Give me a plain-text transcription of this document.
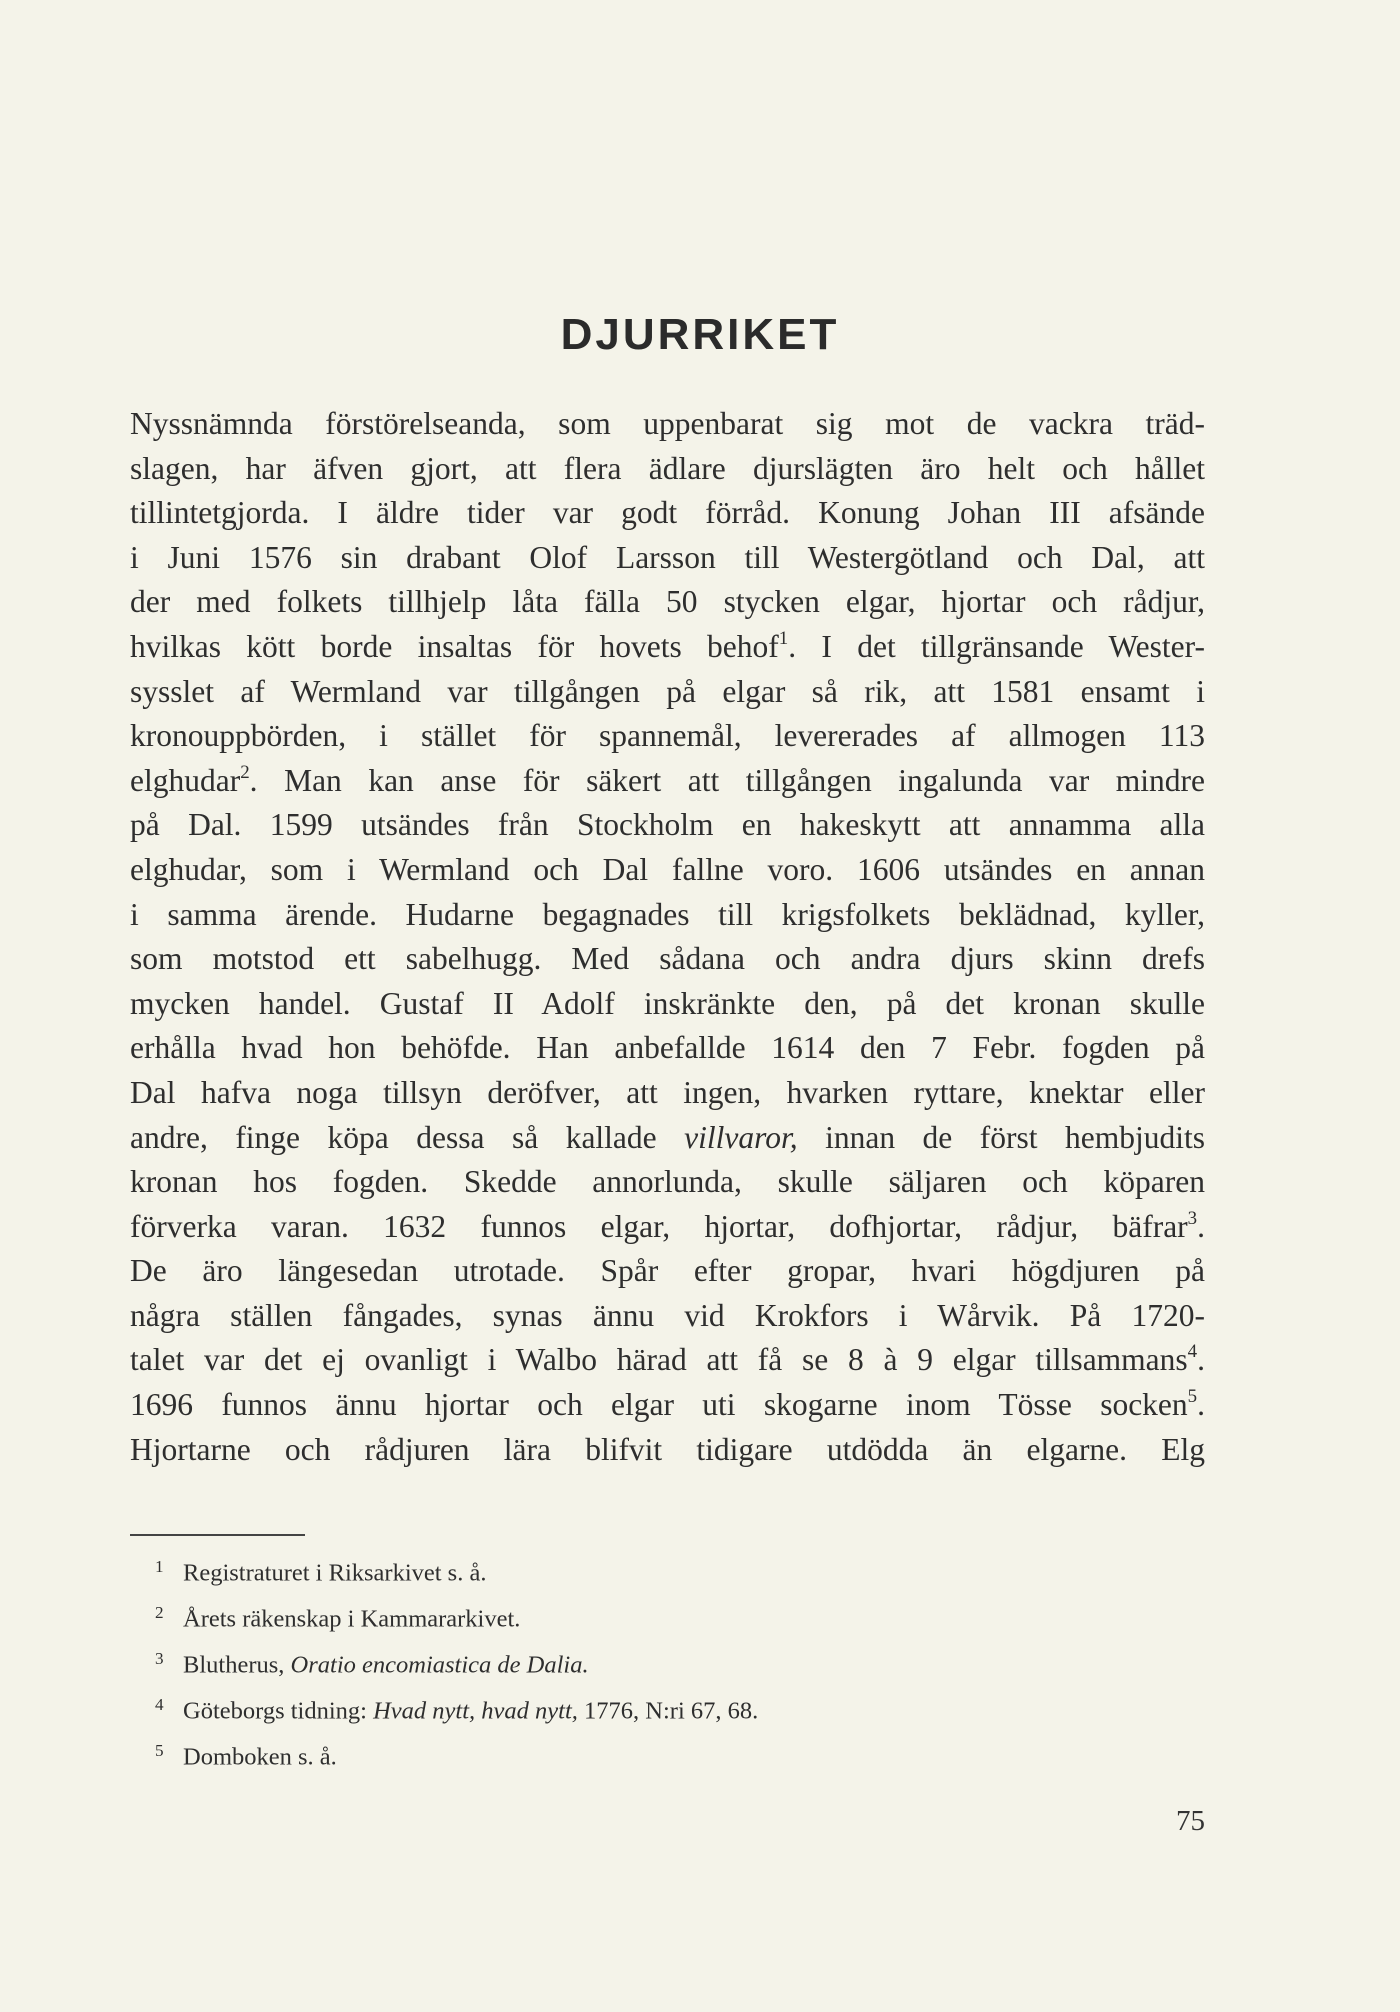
DJURRIKET
Nyssnämnda förstörelseanda, som uppenbarat sig mot de vackra träd-
slagen, har äfven gjort, att flera ädlare djurslägten äro helt och hållet
tillintetgjorda. I äldre tider var godt förråd. Konung Johan III afsände
i Juni 1576 sin drabant Olof Larsson till Westergötland och Dal, att
der med folkets tillhjelp låta fälla 50 stycken elgar, hjortar och rådjur,
hvilkas kött borde insaltas för hovets behof$^1$. I det tillgränsande Wester-
sysslet af Wermland var tillgången på elgar så rik, att 1581 ensamt i
kronouppbörden, i stället för spannemål, levererades af allmogen 113
elghudar$^2$. Man kan anse för säkert att tillgången ingalunda var mindre
på Dal. 1599 utsändes från Stockholm en hakeskytt att annamma alla
elghudar, som i Wermland och Dal fallne voro. 1606 utsändes en annan
i samma ärende. Hudarne begagnades till krigsfolkets beklädnad, kyller,
som motstod ett sabelhugg. Med sådana och andra djurs skinn drefs
mycken handel. Gustaf II Adolf inskränkte den, på det kronan skulle
erhålla hvad hon behöfde. Han anbefallde 1614 den 7 Febr. fogden på
Dal hafva noga tillsyn deröfver, att ingen, hvarken ryttare, knektar eller
andre, finge köpa dessa så kallade villvaror, innan de först hembjudits
kronan hos fogden. Skedde annorlunda, skulle säljaren och köparen
förverka varan. 1632 funnos elgar, hjortar, dofhjortar, rådjur, bäfrar$^3$.
De äro längesedan utrotade. Spår efter gropar, hvari högdjuren på
några ställen fångades, synas ännu vid Krokfors i Wårvik. På 1720-
talet var det ej ovanligt i Walbo härad att få se 8 à 9 elgar tillsammans$^4$.
1696 funnos ännu hjortar och elgar uti skogarne inom Tösse socken$^5$.
Hjortarne och rådjuren lära blifvit tidigare utdödda än elgarne. Elg
1 Registraturet i Riksarkivet s. å.
2 Årets räkenskap i Kammararkivet.
3 Blutherus, Oratio encomiastica de Dalia.
4 Göteborgs tidning: Hvad nytt, hvad nytt, 1776, N:ri 67, 68.
5 Domboken s. å.
75
